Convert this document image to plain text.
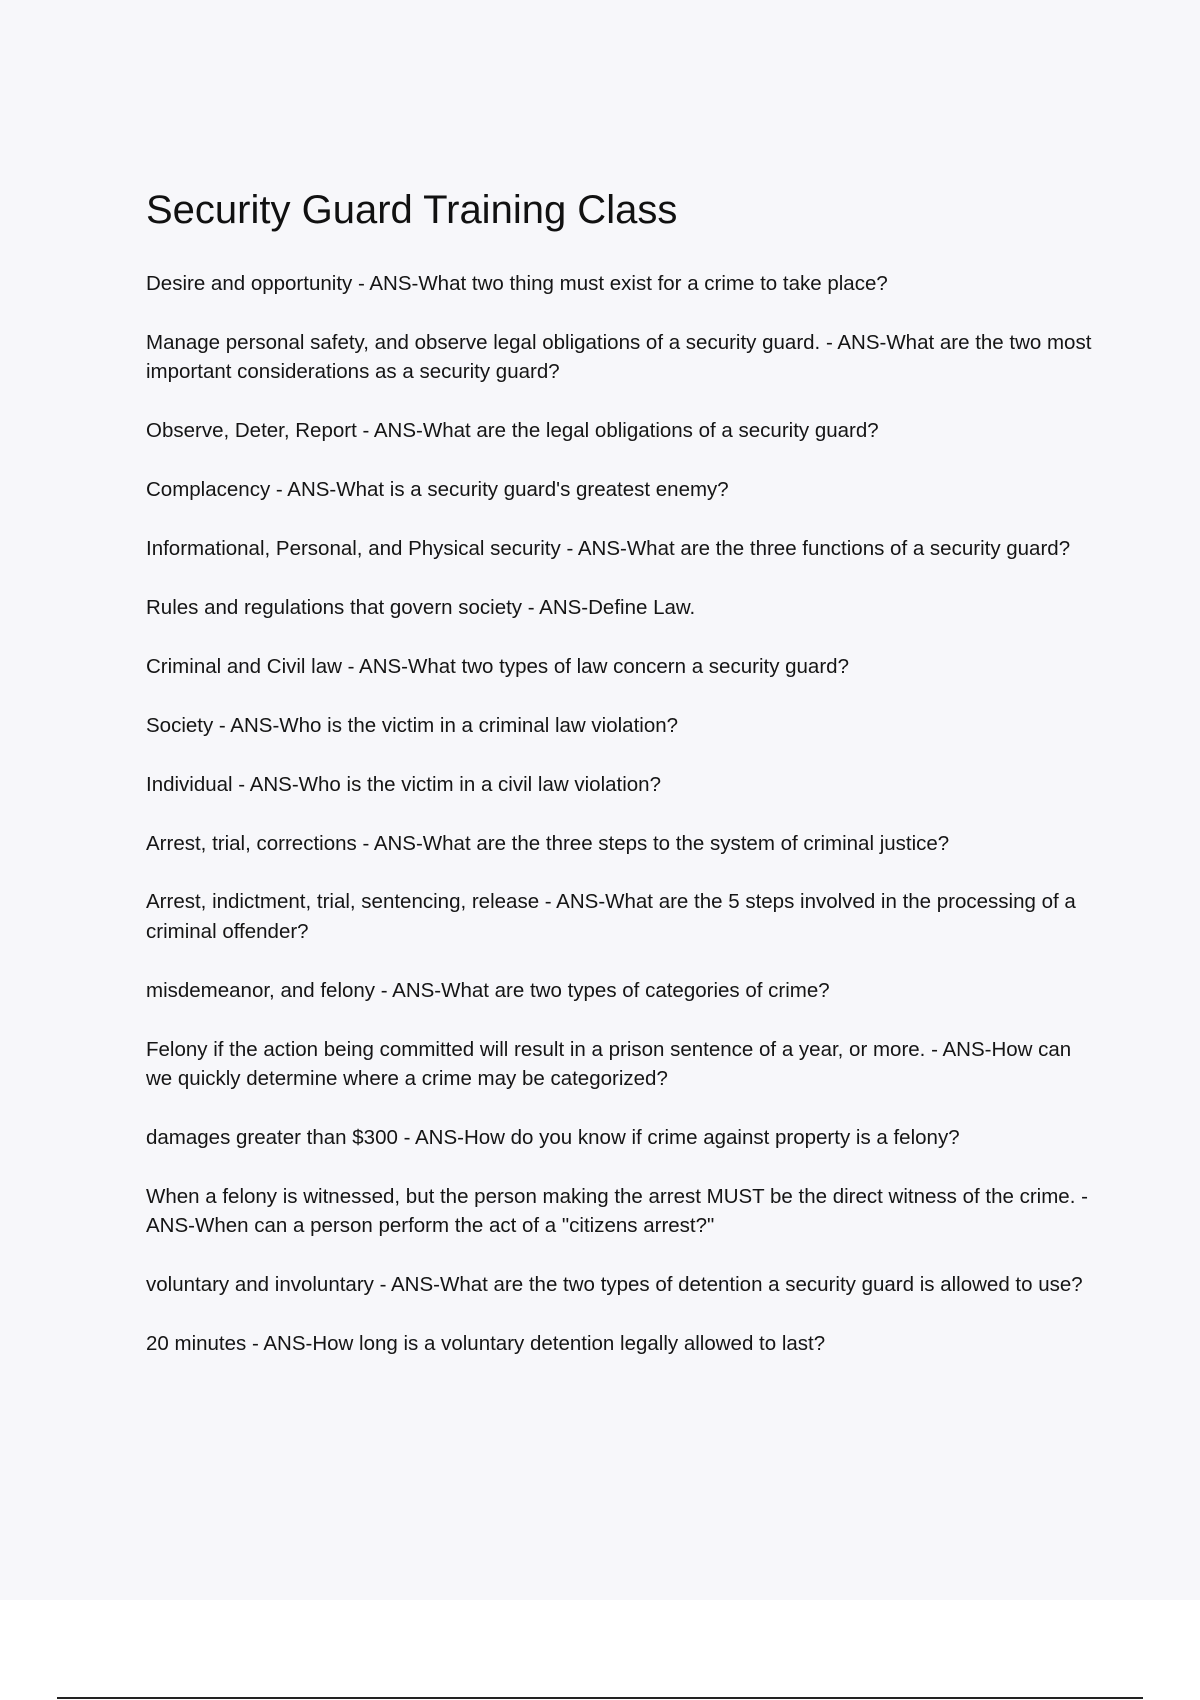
Security Guard Training Class
Desire and opportunity - ANS-What two thing must exist for a crime to take place?
Manage personal safety, and observe legal obligations of a security guard. - ANS-What are the two most important considerations as a security guard?
Observe, Deter, Report - ANS-What are the legal obligations of a security guard?
Complacency - ANS-What is a security guard's greatest enemy?
Informational, Personal, and Physical security - ANS-What are the three functions of a security guard?
Rules and regulations that govern society - ANS-Define Law.
Criminal and Civil law - ANS-What two types of law concern a security guard?
Society - ANS-Who is the victim in a criminal law violation?
Individual - ANS-Who is the victim in a civil law violation?
Arrest, trial, corrections - ANS-What are the three steps to the system of criminal justice?
Arrest, indictment, trial, sentencing, release - ANS-What are the 5 steps involved in the processing of a criminal offender?
misdemeanor, and felony - ANS-What are two types of categories of crime?
Felony if the action being committed will result in a prison sentence of a year, or more. - ANS-How can we quickly determine where a crime may be categorized?
damages greater than $300 - ANS-How do you know if crime against property is a felony?
When a felony is witnessed, but the person making the arrest MUST be the direct witness of the crime. - ANS-When can a person perform the act of a "citizens arrest?"
voluntary and involuntary - ANS-What are the two types of detention a security guard is allowed to use?
20 minutes - ANS-How long is a voluntary detention legally allowed to last?
